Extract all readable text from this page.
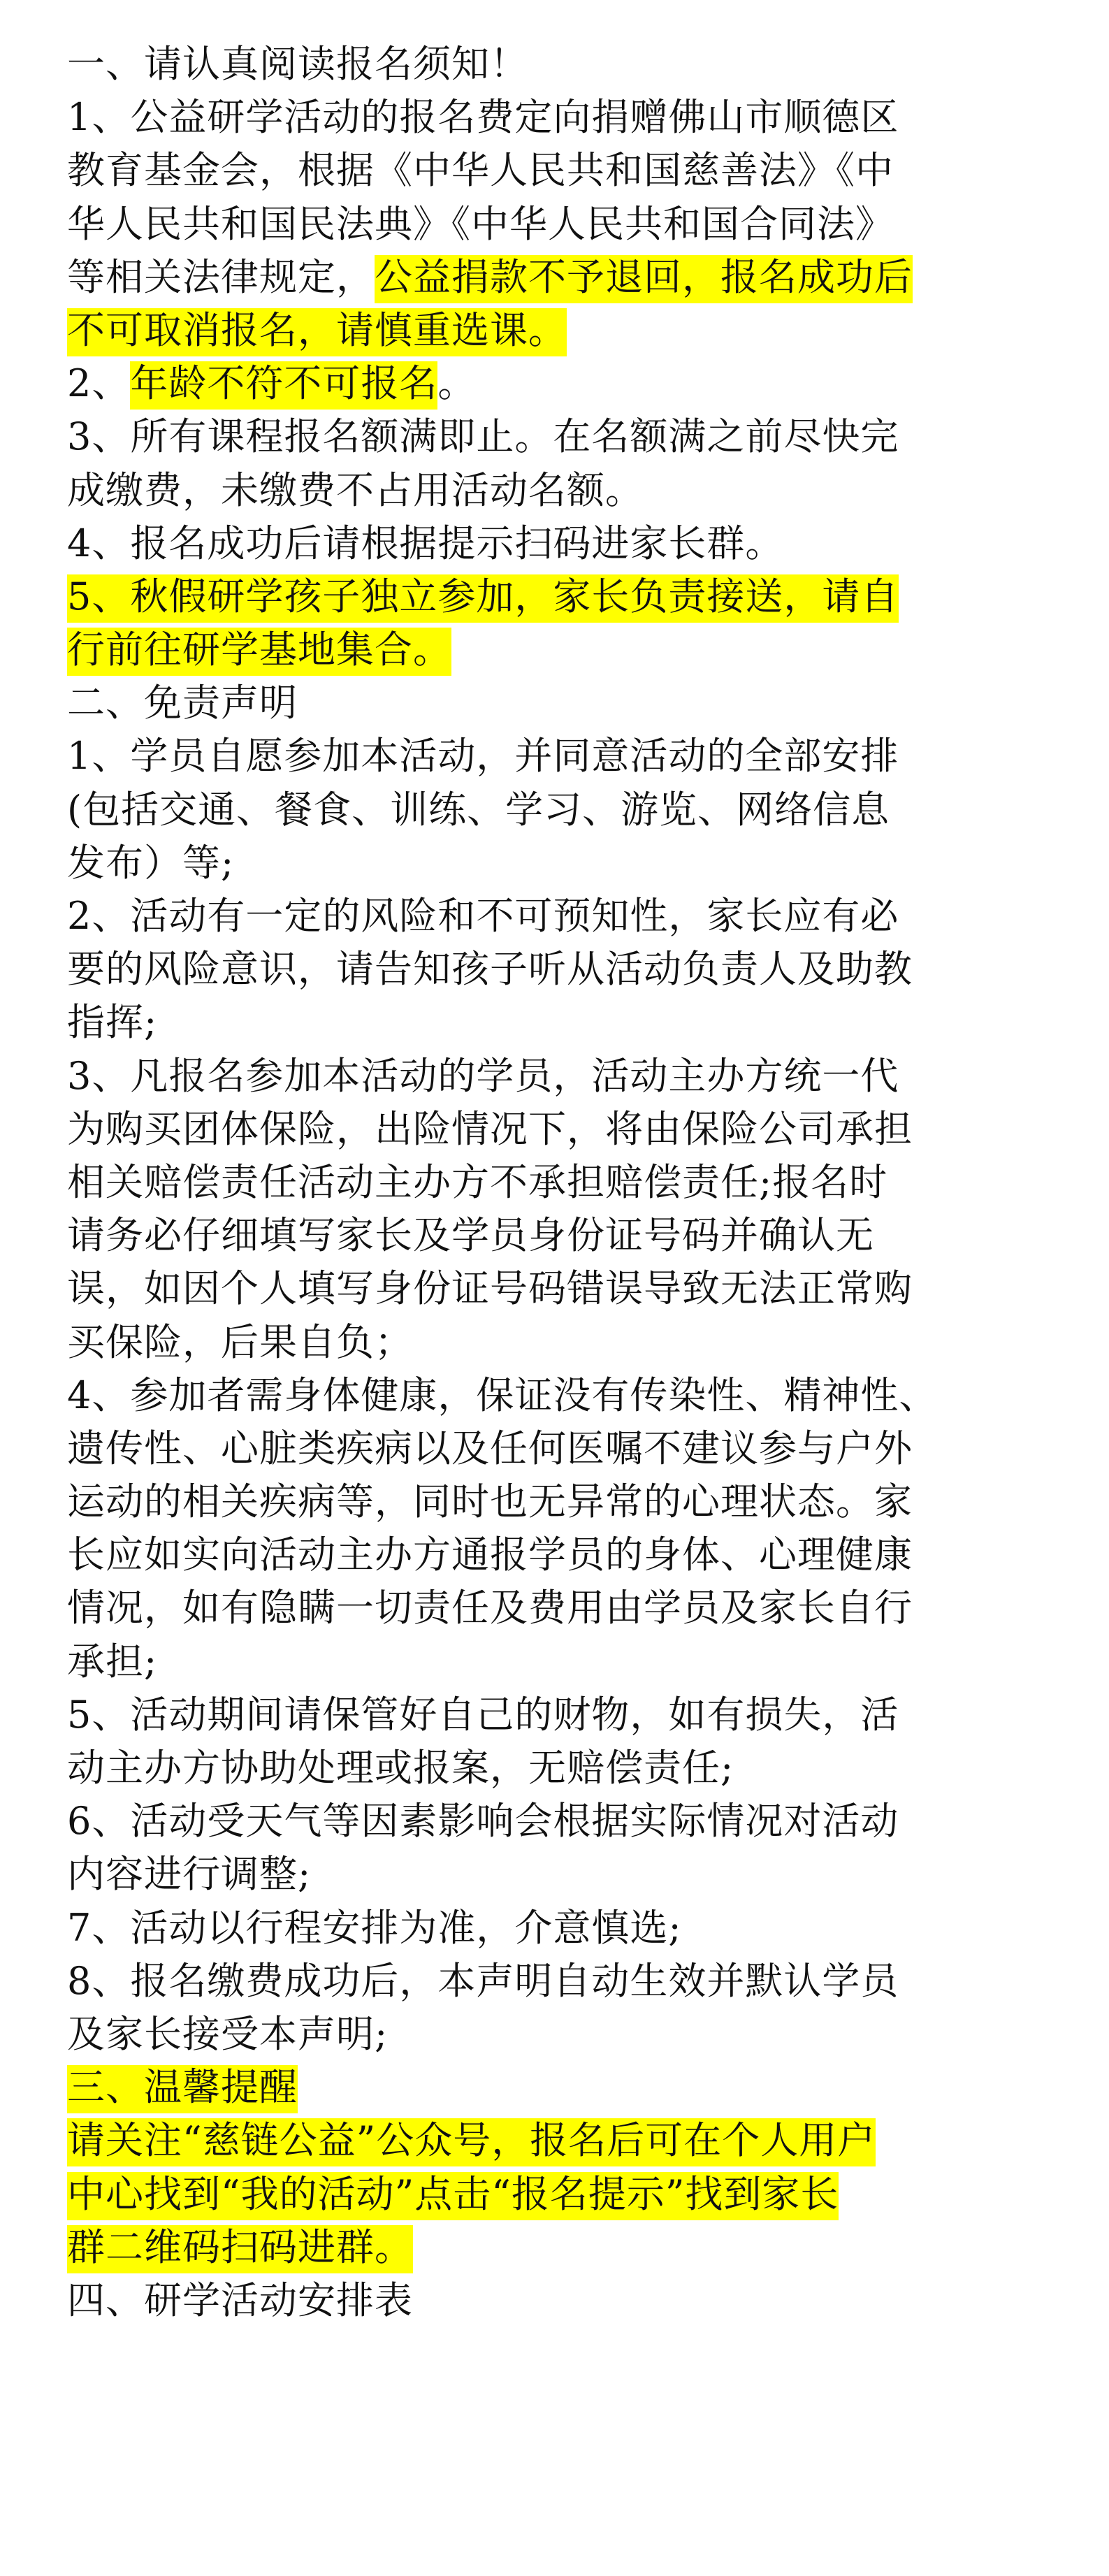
一、请认真阅读报名须知！
1、公益研学活动的报名费定向捐赠佛山市顺德区
教育基金会，根据《中华人民共和国慈善法》《中
华人民共和国民法典》《中华人民共和国合同法》
等相关法律规定，公益捐款不予退回，报名成功后
不可取消报名，请慎重选课。
2、年龄不符不可报名。
3、所有课程报名额满即止。在名额满之前尽快完
成缴费，未缴费不占用活动名额。
4、报名成功后请根据提示扫码进家长群。
5、秋假研学孩子独立参加，家长负责接送，请自
行前往研学基地集合。
二、免责声明
1、学员自愿参加本活动，并同意活动的全部安排
(包括交通、餐食、训练、学习、游览、网络信息
发布）等;
2、活动有一定的风险和不可预知性，家长应有必
要的风险意识，请告知孩子听从活动负责人及助教
指挥;
3、凡报名参加本活动的学员，活动主办方统一代
为购买团体保险，出险情况下，将由保险公司承担
相关赔偿责任活动主办方不承担赔偿责任;报名时
请务必仔细填写家长及学员身份证号码并确认无
误，如因个人填写身份证号码错误导致无法正常购
买保险，后果自负；
4、参加者需身体健康，保证没有传染性、精神性、
遗传性、心脏类疾病以及任何医嘱不建议参与户外
运动的相关疾病等，同时也无异常的心理状态。家
长应如实向活动主办方通报学员的身体、心理健康
情况，如有隐瞒一切责任及费用由学员及家长自行
承担;
5、活动期间请保管好自己的财物，如有损失，活
动主办方协助处理或报案，无赔偿责任;
6、活动受天气等因素影响会根据实际情况对活动
内容进行调整;
7、活动以行程安排为准，介意慎选;
8、报名缴费成功后，本声明自动生效并默认学员
及家长接受本声明;
三、温馨提醒
请关注“慈链公益”公众号，报名后可在个人用户
中心找到“我的活动”点击“报名提示”找到家长
群二维码扫码进群。
四、研学活动安排表
